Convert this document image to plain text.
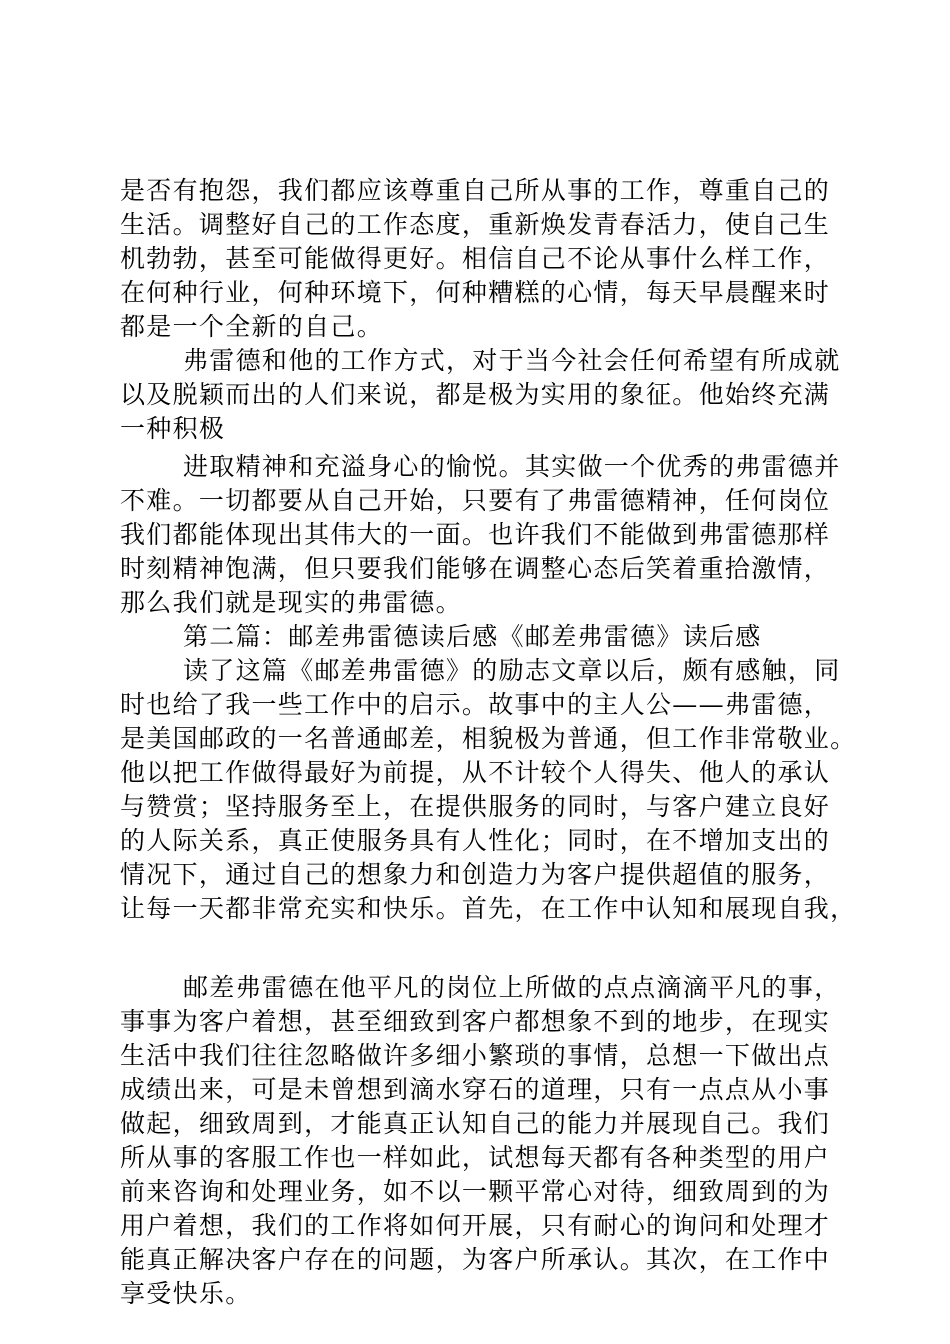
是否有抱怨，我们都应该尊重自己所从事的工作，尊重自己的
生活。调整好自己的工作态度，重新焕发青春活力，使自己生
机勃勃，甚至可能做得更好。相信自己不论从事什么样工作，
在何种行业，何种环境下，何种糟糕的心情，每天早晨醒来时
都是一个全新的自己。
弗雷德和他的工作方式，对于当今社会任何希望有所成就
以及脱颖而出的人们来说，都是极为实用的象征。他始终充满
一种积极
进取精神和充溢身心的愉悦。其实做一个优秀的弗雷德并
不难。一切都要从自己开始，只要有了弗雷德精神，任何岗位
我们都能体现出其伟大的一面。也许我们不能做到弗雷德那样
时刻精神饱满，但只要我们能够在调整心态后笑着重拾激情，
那么我们就是现实的弗雷德。
第二篇：邮差弗雷德读后感《邮差弗雷德》读后感
读了这篇《邮差弗雷德》的励志文章以后，颇有感触，同
时也给了我一些工作中的启示。故事中的主人公——弗雷德，
是美国邮政的一名普通邮差，相貌极为普通，但工作非常敬业。
他以把工作做得最好为前提，从不计较个人得失、他人的承认
与赞赏；坚持服务至上，在提供服务的同时，与客户建立良好
的人际关系，真正使服务具有人性化；同时，在不增加支出的
情况下，通过自己的想象力和创造力为客户提供超值的服务，
让每一天都非常充实和快乐。首先，在工作中认知和展现自我，
邮差弗雷德在他平凡的岗位上所做的点点滴滴平凡的事，
事事为客户着想，甚至细致到客户都想象不到的地步，在现实
生活中我们往往忽略做许多细小繁琐的事情，总想一下做出点
成绩出来，可是未曾想到滴水穿石的道理，只有一点点从小事
做起，细致周到，才能真正认知自己的能力并展现自己。我们
所从事的客服工作也一样如此，试想每天都有各种类型的用户
前来咨询和处理业务，如不以一颗平常心对待，细致周到的为
用户着想，我们的工作将如何开展，只有耐心的询问和处理才
能真正解决客户存在的问题，为客户所承认。其次，在工作中
享受快乐。
